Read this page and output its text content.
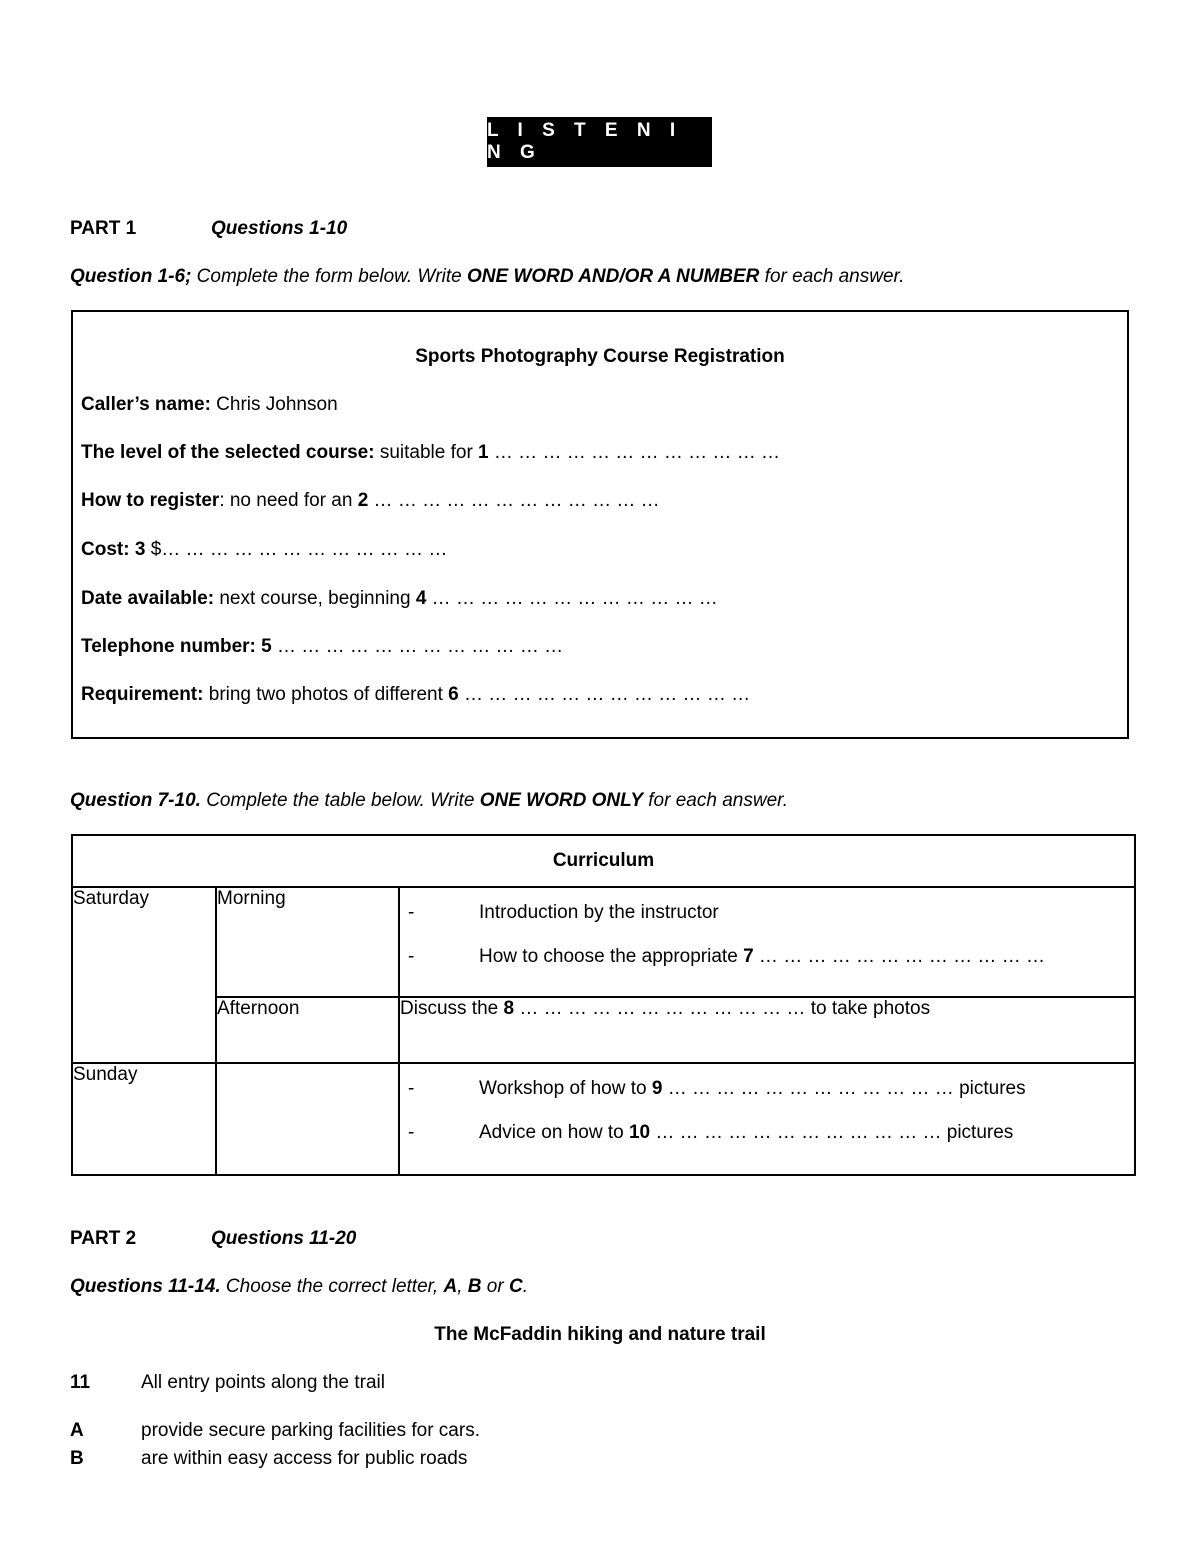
L I S T E N I N G
PART 1	Questions 1-10
Question 1-6; Complete the form below. Write ONE WORD AND/OR A NUMBER for each answer.
Sports Photography Course Registration
Caller’s name: Chris Johnson
The level of the selected course: suitable for 1 … … … … … … … … … … … …
How to register: no need for an 2 … … … … … … … … … … … …
Cost: 3 $… … … … … … … … … … … …
Date available: next course, beginning 4 … … … … … … … … … … … …
Telephone number: 5 … … … … … … … … … … … …
Requirement: bring two photos of different 6 … … … … … … … … … … … …
Question 7-10. Complete the table below. Write ONE WORD ONLY for each answer.
Curriculum		
Saturday	Morning	- Introduction by the instructor
- How to choose the appropriate 7 … … … … … … … … … … … …

	Afternoon	Discuss the 8 … … … … … … … … … … … … to take photos
Sunday		- Workshop of how to 9 … … … … … … … … … … … … pictures
- Advice on how to 10 … … … … … … … … … … … … pictures
PART 2	Questions 11-20
Questions 11-14. Choose the correct letter, A, B or C.
The McFaddin hiking and nature trail
11	All entry points along the trail
A	provide secure parking facilities for cars.
B	are within easy access for public roads
